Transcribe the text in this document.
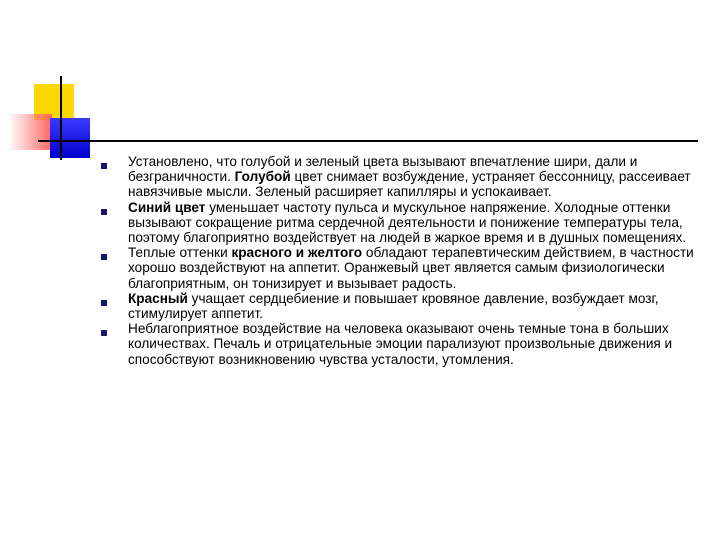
Установлено, что голубой и зеленый цвета вызывают впечатление шири, дали и безграничности. Голубой цвет снимает возбуждение, устраняет бессонницу, рассеивает навязчивые мысли. Зеленый расширяет капилляры и успокаивает.
Синий цвет уменьшает частоту пульса и мускульное напряжение. Холодные оттенки вызывают сокращение ритма сердечной деятельности и понижение температуры тела, поэтому благоприятно воздействует на людей в жаркое время и в душных помещениях.
Теплые оттенки красного и желтого обладают терапевтическим действием, в частности хорошо воздействуют на аппетит. Оранжевый цвет является самым физиологически благоприятным, он тонизирует и вызывает радость.
Красный учащает сердцебиение и повышает кровяное давление, возбуждает мозг, стимулирует аппетит.
Неблагоприятное воздействие на человека оказывают очень темные тона в больших количествах. Печаль и отрицательные эмоции парализуют произвольные движения и способствуют возникновению чувства усталости, утомления.
